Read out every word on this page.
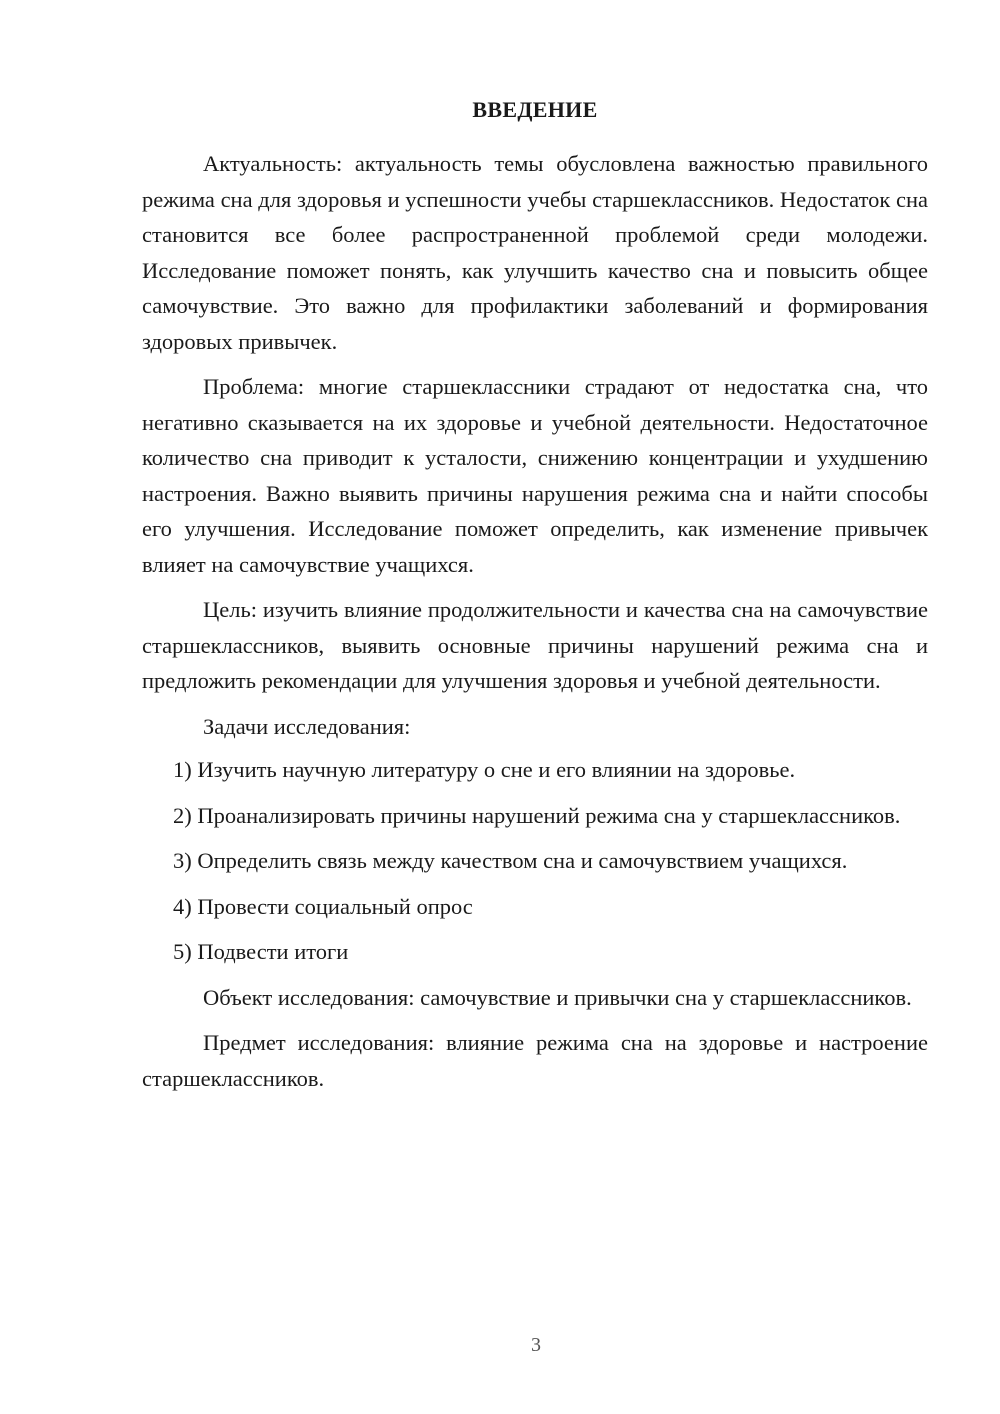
ВВЕДЕНИЕ

Актуальность: актуальность темы обусловлена важностью правильного режима сна для здоровья и успешности учебы старшеклассников. Недостаток сна становится все более распространенной проблемой среди молодежи. Исследование поможет понять, как улучшить качество сна и повысить общее самочувствие. Это важно для профилактики заболеваний и формирования здоровых привычек.

Проблема: многие старшеклассники страдают от недостатка сна, что негативно сказывается на их здоровье и учебной деятельности. Недостаточное количество сна приводит к усталости, снижению концентрации и ухудшению настроения. Важно выявить причины нарушения режима сна и найти способы его улучшения. Исследование поможет определить, как изменение привычек влияет на самочувствие учащихся.

Цель: изучить влияние продолжительности и качества сна на самочувствие старшеклассников, выявить основные причины нарушений режима сна и предложить рекомендации для улучшения здоровья и учебной деятельности.

Задачи исследования:

1) Изучить научную литературу о сне и его влиянии на здоровье.

2) Проанализировать причины нарушений режима сна у старшеклассников.

3) Определить связь между качеством сна и самочувствием учащихся.

4) Провести социальный опрос

5) Подвести итоги

Объект исследования: самочувствие и привычки сна у старшеклассников.

Предмет исследования: влияние режима сна на здоровье и настроение старшеклассников.

3
